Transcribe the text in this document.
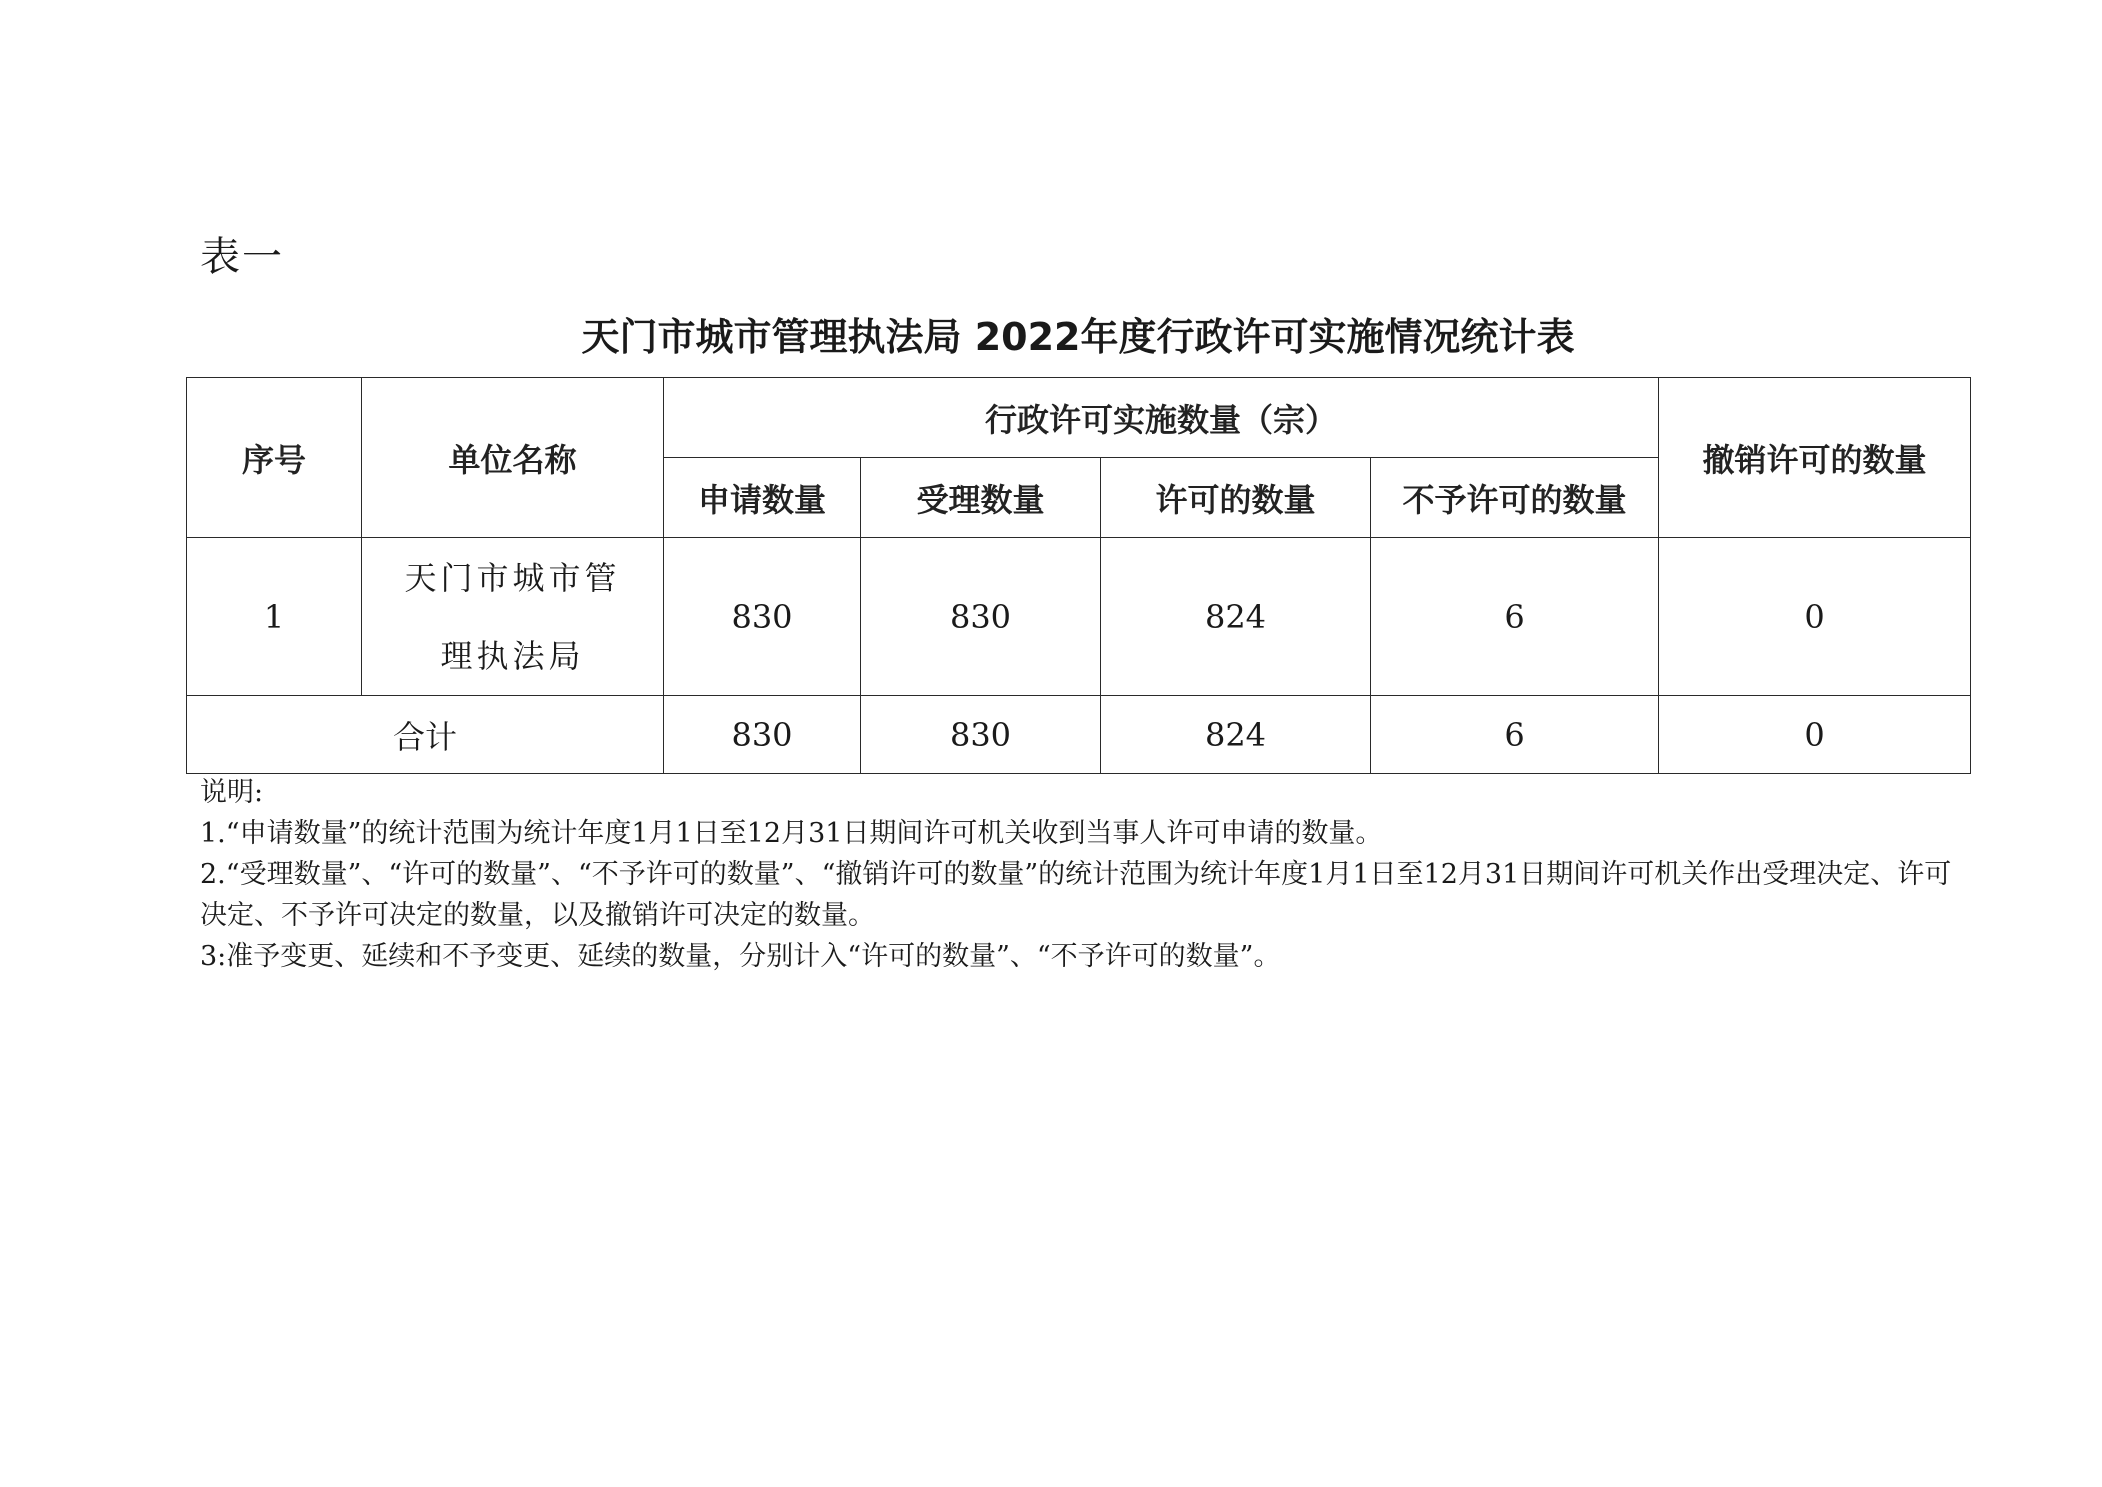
表一
天门市城市管理执法局 2022年度行政许可实施情况统计表
序号	单位名称	行政许可实施数量（宗）				撤销许可的数量
		申请数量	受理数量	许可的数量	不予许可的数量	
1	天门市城市管理执法局	830	830	824	6	0
合计		830	830	824	6	0

说明:

1.“申请数量”的统计范围为统计年度1月1日至12月31日期间许可机关收到当事人许可申请的数量。

2.“受理数量”、“许可的数量”、“不予许可的数量”、“撤销许可的数量”的统计范围为统计年度1月1日至12月31日期间许可机关作出受理决定、许可决定、不予许可决定的数量，以及撤销许可决定的数量。

3:准予变更、延续和不予变更、延续的数量，分别计入“许可的数量”、“不予许可的数量”。
